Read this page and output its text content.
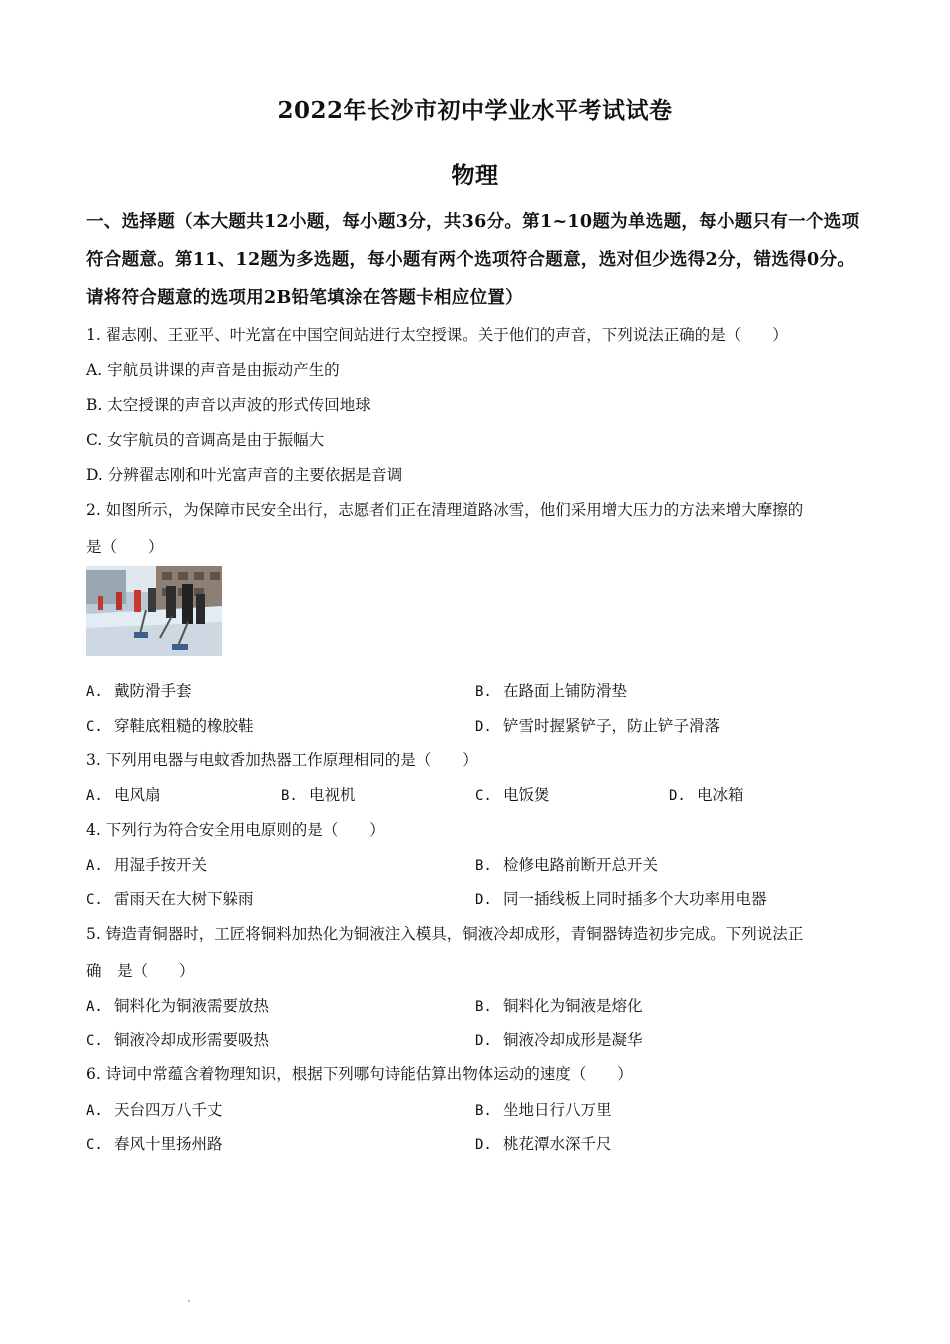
2022年长沙市初中学业水平考试试卷
物理
一、选择题（本大题共12小题，每小题3分，共36分。第1~10题为单选题，每小题只有一个选项符合题意。第11、12题为多选题，每小题有两个选项符合题意，选对但少选得2分，错选得0分。请将符合题意的选项用2B铅笔填涂在答题卡相应位置）
1. 翟志刚、王亚平、叶光富在中国空间站进行太空授课。关于他们的声音，下列说法正确的是（　　）
A. 宇航员讲课的声音是由振动产生的
B. 太空授课的声音以声波的形式传回地球
C. 女宇航员的音调高是由于振幅大
D. 分辨翟志刚和叶光富声音的主要依据是音调
2. 如图所示，为保障市民安全出行，志愿者们正在清理道路冰雪，他们采用增大压力的方法来增大摩擦的
是（　　）
A. 戴防滑手套	B. 在路面上铺防滑垫
C. 穿鞋底粗糙的橡胶鞋	D. 铲雪时握紧铲子，防止铲子滑落
3. 下列用电器与电蚊香加热器工作原理相同的是（　　）
A. 电风扇	B. 电视机	C. 电饭煲	D. 电冰箱
4. 下列行为符合安全用电原则的是（　　）
A. 用湿手按开关	B. 检修电路前断开总开关
C. 雷雨天在大树下躲雨	D. 同一插线板上同时插多个大功率用电器
5. 铸造青铜器时，工匠将铜料加热化为铜液注入模具，铜液冷却成形，青铜器铸造初步完成。下列说法正
确　是（　　）
A. 铜料化为铜液需要放热	B. 铜料化为铜液是熔化
C. 铜液冷却成形需要吸热	D. 铜液冷却成形是凝华
6. 诗词中常蕴含着物理知识，根据下列哪句诗能估算出物体运动的速度（　　）
A. 天台四万八千丈	B. 坐地日行八万里
C. 春风十里扬州路	D. 桃花潭水深千尺
